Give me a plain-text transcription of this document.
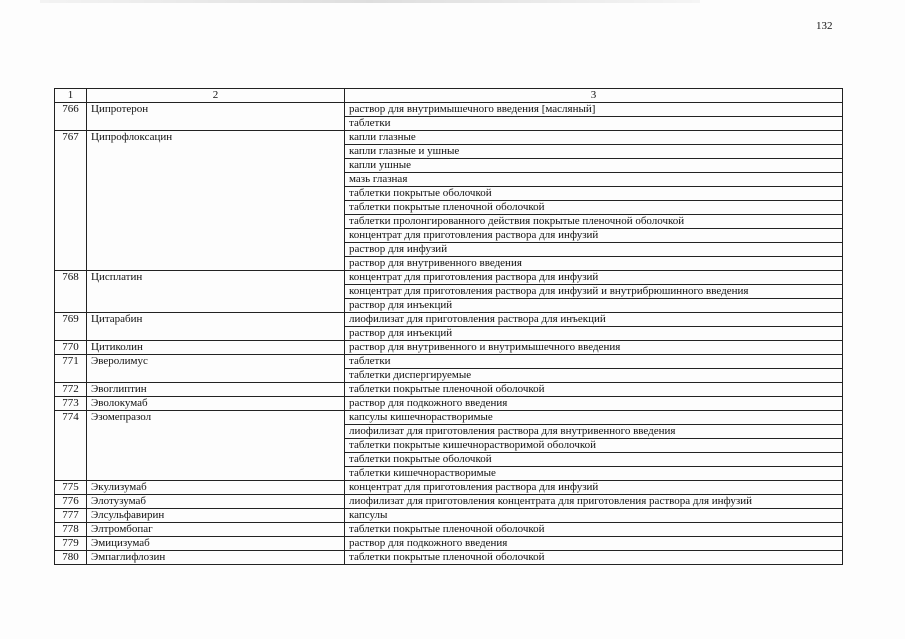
132
1	2	3
766	Ципротерон	раствор для внутримышечного введения [масляный]
		таблетки
767	Ципрофлоксацин	капли глазные
		капли глазные и ушные
		капли ушные
		мазь глазная
		таблетки покрытые оболочкой
		таблетки покрытые пленочной оболочкой
		таблетки пролонгированного действия покрытые пленочной оболочкой
		концентрат для приготовления раствора для инфузий
		раствор для инфузий
		раствор для внутривенного введения
768	Цисплатин	концентрат для приготовления раствора для инфузий
		концентрат для приготовления раствора для инфузий и внутрибрюшинного введения
		раствор для инъекций
769	Цитарабин	лиофилизат для приготовления раствора для инъекций
		раствор для инъекций
770	Цитиколин	раствор для внутривенного и внутримышечного введения
771	Эверолимус	таблетки
		таблетки диспергируемые
772	Эвоглиптин	таблетки покрытые пленочной оболочкой
773	Эволокумаб	раствор для подкожного введения
774	Эзомепразол	капсулы кишечнорастворимые
		лиофилизат для приготовления раствора для внутривенного введения
		таблетки покрытые кишечнорастворимой оболочкой
		таблетки покрытые оболочкой
		таблетки кишечнорастворимые
775	Экулизумаб	концентрат для приготовления раствора для инфузий
776	Элотузумаб	лиофилизат для приготовления концентрата для приготовления раствора для инфузий
777	Элсульфавирин	капсулы
778	Элтромбопаг	таблетки покрытые пленочной оболочкой
779	Эмицизумаб	раствор для подкожного введения
780	Эмпаглифлозин	таблетки покрытые пленочной оболочкой
